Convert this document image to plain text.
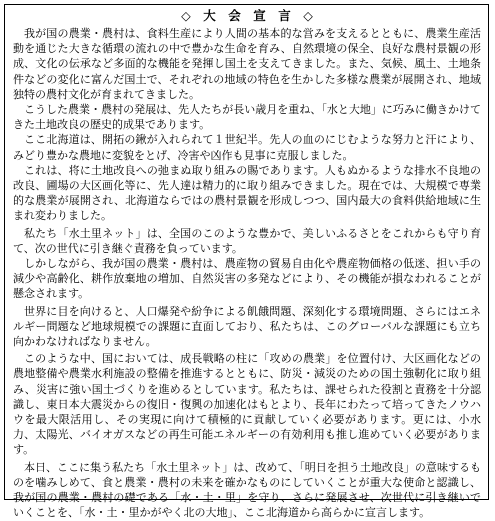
◇　大　会　宣　言　◇

我が国の農業・農村は、食料生産により人間の基本的な営みを支えるとともに、農業生産活動を通じた大きな循環の流れの中で豊かな生命を育み、自然環境の保全、良好な農村景観の形成、文化の伝承など多面的な機能を発揮し国土を支えてきました。また、気候、風土、土地条件などの変化に富んだ国土で、それぞれの地域の特色を生かした多様な農業が展開され、地域独特の農村文化が育まれてきました。

こうした農業・農村の発展は、先人たちが長い歳月を重ね、「水と大地」に巧みに働きかけてきた土地改良の歴史的成果であります。

ここ北海道は、開拓の鍬が入れられて１世紀半。先人の血のにじむような努力と汗により、みどり豊かな農地に変貌をとげ、冷害や凶作も見事に克服しました。

これは、将に土地改良への弛まぬ取り組みの賜であります。人もぬかるような排水不良地の改良、圃場の大区画化等に、先人達は精力的に取り組みできました。現在では、大規模で専業的な農業が展開され、北海道ならではの農村景観を形成しつつ、国内最大の食料供給地域に生まれ変わりました。

私たち「水土里ネット」は、全国のこのような豊かで、美しいふるさとをこれからも守り育て、次の世代に引き継ぐ責務を負っています。

しかしながら、我が国の農業・農村は、農産物の貿易自由化や農産物価格の低迷、担い手の減少や高齢化、耕作放棄地の増加、自然災害の多発などにより、その機能が損なわれることが懸念されます。

世界に目を向けると、人口爆発や紛争による飢餓問題、深刻化する環境問題、さらにはエネルギー問題など地球規模での課題に直面しており、私たちは、このグローバルな課題にも立ち向かわなければなりません。

このような中、国においては、成長戦略の柱に「攻めの農業」を位置付け、大区画化などの農地整備や農業水利施設の整備を推進するとともに、防災・減災のための国土強靭化に取り組み、災害に強い国土づくりを進めるとしています。私たちは、課せられた役割と責務を十分認識し、東日本大震災からの復旧・復興の加速化はもとより、長年にわたって培ってきたノウハウを最大限活用し、その実現に向けて積極的に貢献していく必要があります。更には、小水力、太陽光、バイオガスなどの再生可能エネルギーの有効利用も推し進めていく必要があります。

本日、ここに集う私たち「水土里ネット」は、改めて、「明日を担う土地改良」の意味するものを噛みしめて、食と農業・農村の未来を確かなものにしていくことが重大な使命と認識し、我が国の農業・農村の礎である「水・土・里」を守り、さらに発展させ、次世代に引き継いでいくことを、「水・土・里かがやく北の大地」、ここ北海道から高らかに宣言します。
